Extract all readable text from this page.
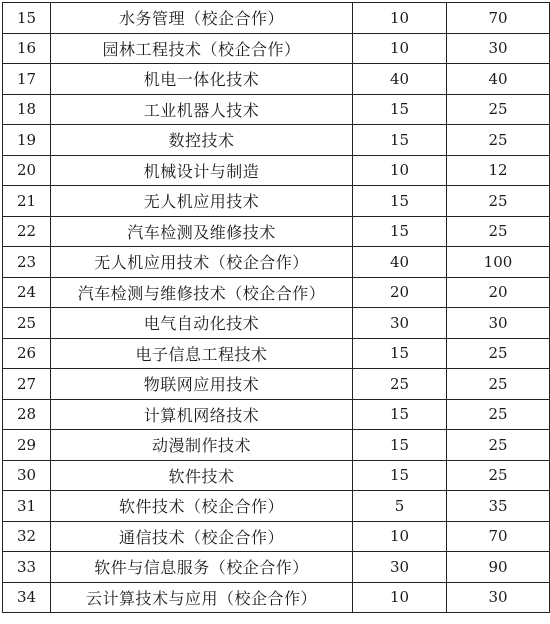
15	水务管理（校企合作）	10	70
16	园林工程技术（校企合作）	10	30
17	机电一体化技术	40	40
18	工业机器人技术	15	25
19	数控技术	15	25
20	机械设计与制造	10	12
21	无人机应用技术	15	25
22	汽车检测及维修技术	15	25
23	无人机应用技术（校企合作）	40	100
24	汽车检测与维修技术（校企合作）	20	20
25	电气自动化技术	30	30
26	电子信息工程技术	15	25
27	物联网应用技术	25	25
28	计算机网络技术	15	25
29	动漫制作技术	15	25
30	软件技术	15	25
31	软件技术（校企合作）	5	35
32	通信技术（校企合作）	10	70
33	软件与信息服务（校企合作）	30	90
34	云计算技术与应用（校企合作）	10	30
